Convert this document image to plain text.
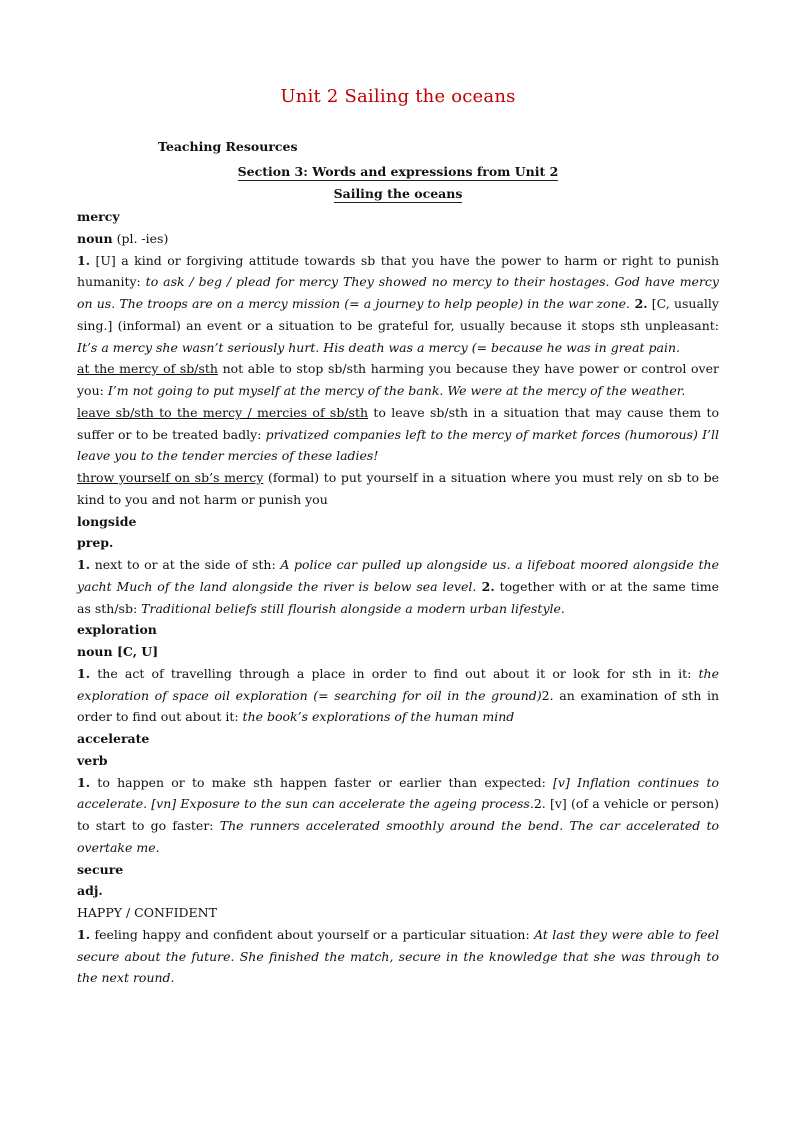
Unit 2 Sailing the oceans
Teaching Resources
Section 3: Words and expressions from Unit 2
Sailing the oceans

mercy

noun (pl. -ies)

1. [U] a kind or forgiving attitude towards sb that you have the power to harm or right to punish humanity: to ask / beg / plead for mercy They showed no mercy to their hostages. God have mercy on us. The troops are on a mercy mission (= a journey to help people) in the war zone. 2. [C, usually sing.] (informal) an event or a situation to be grateful for, usually because it stops sth unpleasant: It’s a mercy she wasn’t seriously hurt. His death was a mercy (= because he was in great pain.

at the mercy of sb/sth not able to stop sb/sth harming you because they have power or control over you: I’m not going to put myself at the mercy of the bank. We were at the mercy of the weather.

leave sb/sth to the mercy / mercies of sb/sth to leave sb/sth in a situation that may cause them to suffer or to be treated badly: privatized companies left to the mercy of market forces (humorous) I’ll leave you to the tender mercies of these ladies!

throw yourself on sb’s mercy (formal) to put yourself in a situation where you must rely on sb to be kind to you and not harm or punish you

longside

prep.

1. next to or at the side of sth: A police car pulled up alongside us. a lifeboat moored alongside the yacht Much of the land alongside the river is below sea level. 2. together with or at the same time as sth/sb: Traditional beliefs still flourish alongside a modern urban lifestyle.

exploration

noun [C, U]

1. the act of travelling through a place in order to find out about it or look for sth in it: the exploration of space oil exploration (= searching for oil in the ground)2. an examination of sth in order to find out about it: the book’s explorations of the human mind

accelerate

verb

1. to happen or to make sth happen faster or earlier than expected: [v] Inflation continues to accelerate. [vn] Exposure to the sun can accelerate the ageing process.2. [v] (of a vehicle or person) to start to go faster: The runners accelerated smoothly around the bend. The car accelerated to overtake me.

secure

adj.

HAPPY / CONFIDENT

1. feeling happy and confident about yourself or a particular situation: At last they were able to feel secure about the future. She finished the match, secure in the knowledge that she was through to the next round.
